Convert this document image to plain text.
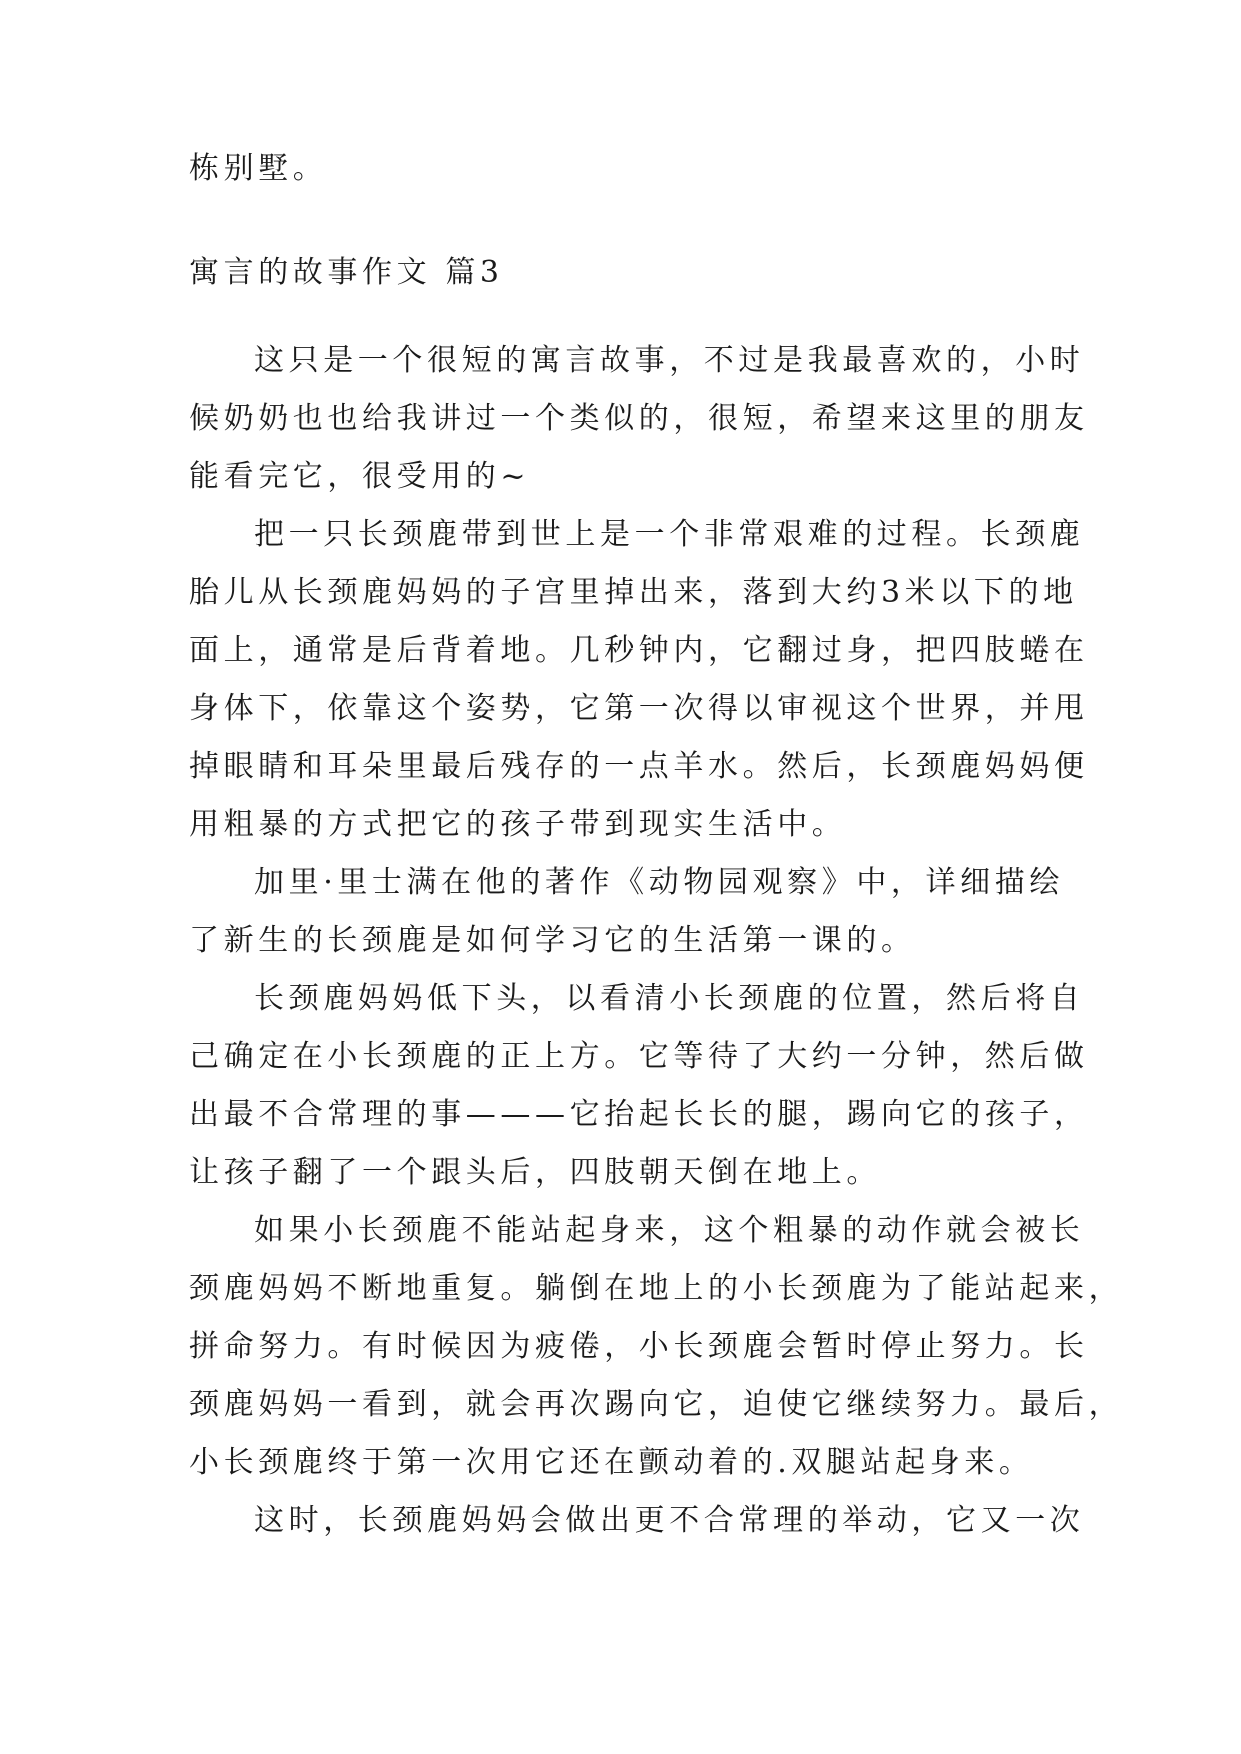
栋别墅。
寓言的故事作文 篇3
这只是一个很短的寓言故事，不过是我最喜欢的，小时
候奶奶也也给我讲过一个类似的，很短，希望来这里的朋友
能看完它，很受用的~
把一只长颈鹿带到世上是一个非常艰难的过程。长颈鹿
胎儿从长颈鹿妈妈的子宫里掉出来，落到大约3米以下的地
面上，通常是后背着地。几秒钟内，它翻过身，把四肢蜷在
身体下，依靠这个姿势，它第一次得以审视这个世界，并甩
掉眼睛和耳朵里最后残存的一点羊水。然后，长颈鹿妈妈便
用粗暴的方式把它的孩子带到现实生活中。
加里·里士满在他的著作《动物园观察》中，详细描绘
了新生的长颈鹿是如何学习它的生活第一课的。
长颈鹿妈妈低下头，以看清小长颈鹿的位置，然后将自
己确定在小长颈鹿的正上方。它等待了大约一分钟，然后做
出最不合常理的事———它抬起长长的腿，踢向它的孩子，
让孩子翻了一个跟头后，四肢朝天倒在地上。
如果小长颈鹿不能站起身来，这个粗暴的动作就会被长
颈鹿妈妈不断地重复。躺倒在地上的小长颈鹿为了能站起来，
拼命努力。有时候因为疲倦，小长颈鹿会暂时停止努力。长
颈鹿妈妈一看到，就会再次踢向它，迫使它继续努力。最后，
小长颈鹿终于第一次用它还在颤动着的.双腿站起身来。
这时，长颈鹿妈妈会做出更不合常理的举动，它又一次
